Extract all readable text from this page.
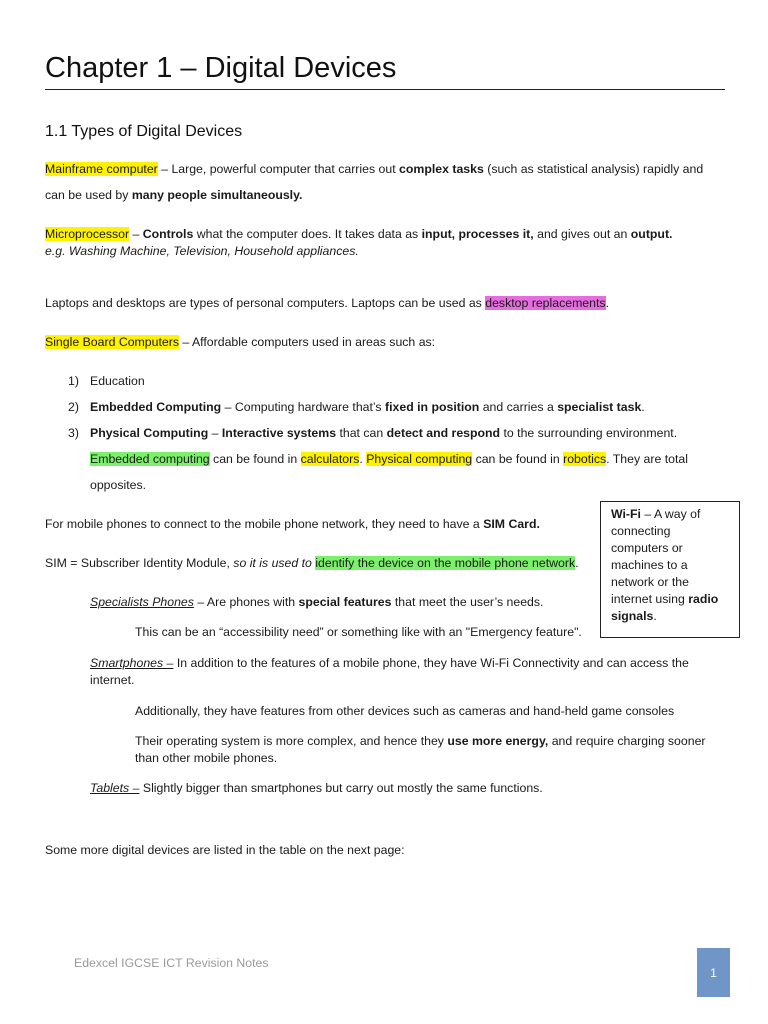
Chapter 1 – Digital Devices
1.1 Types of Digital Devices
Mainframe computer – Large, powerful computer that carries out complex tasks (such as statistical analysis) rapidly and
can be used by many people simultaneously.
Microprocessor – Controls what the computer does. It takes data as input, processes it, and gives out an output.
e.g. Washing Machine, Television, Household appliances.
Laptops and desktops are types of personal computers. Laptops can be used as desktop replacements.
Single Board Computers – Affordable computers used in areas such as:
1) Education
2) Embedded Computing – Computing hardware that’s fixed in position and carries a specialist task.
3) Physical Computing – Interactive systems that can detect and respond to the surrounding environment.
Embedded computing can be found in calculators. Physical computing can be found in robotics. They are total
opposites.
For mobile phones to connect to the mobile phone network, they need to have a SIM Card.
SIM = Subscriber Identity Module, so it is used to identify the device on the mobile phone network.
Specialists Phones – Are phones with special features that meet the user’s needs.
This can be an “accessibility need” or something like with an "Emergency feature".
Smartphones – In addition to the features of a mobile phone, they have Wi-Fi Connectivity and can access the
internet.
Additionally, they have features from other devices such as cameras and hand-held game consoles
Their operating system is more complex, and hence they use more energy, and require charging sooner
than other mobile phones.
Tablets – Slightly bigger than smartphones but carry out mostly the same functions.
Some more digital devices are listed in the table on the next page:
Wi-Fi – A way of
connecting
computers or
machines to a
network or the
internet using radio
signals.
Edexcel IGCSE ICT Revision Notes
1
